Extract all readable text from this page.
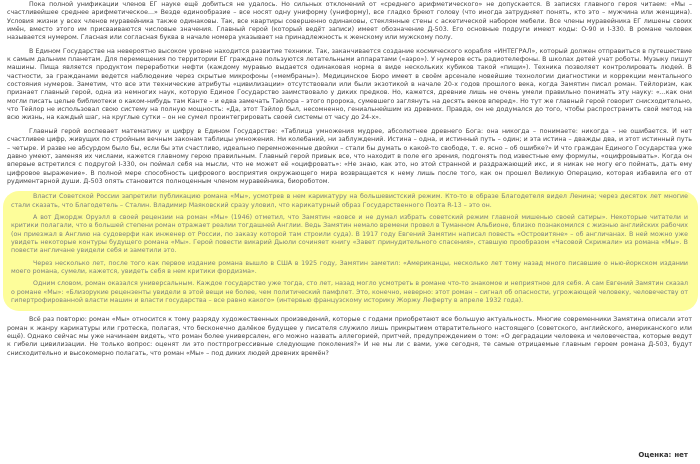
Пока полной унификации членов ЕГ науке ещё добиться не удалось. Но сильных отклонений от «среднего арифметического» не допускается. В записях главного героя читаем: «Мы – счастливейшее среднее арифметическое...» Везде единообразие – все носят одну униформу (униформу), все гладко бреют голову (что иногда затрудняет понять, кто это – мужчина или женщина). Условия жизни у всех членов муравейника также одинаковы. Так, все квартиры совершенно одинаковы, стеклянные стены с аскетической набором мебели. Все члены муравейника ЕГ лишены своих имён, вместо этого им присваиваются числовые значения. Главный герой (который ведёт записи) имеет обозначение Д-503. Его основные подруги имеют коды: О-90 и I-330. В романе человек называется нумером. Гласная или согласная буква в начале номера указывает на принадлежность к женскому или мужскому полу.

В Едином Государстве на невероятно высоком уровне находится развитие техники. Так, заканчивается создание космического корабля «ИНТЕГРАЛ», который должен отправиться в путешествие к самым дальним планетам. Для перемещения по территории ЕГ граждане пользуются летательными аппаратами («аэро»). У нумеров есть радиотелефоны. В школах детей учат роботы. Музыку пишут машины. Пища является продуктом переработки нефти (каждому муравью выдается одинаковая норма в виде нескольких кубиков такой «пищи»). Техника позволяет контролировать людей. В частности, за гражданами ведется наблюдение через скрытые микрофоны («мембраны»). Медицинское Бюро имеет в своём арсенале новейшие технологии диагностики и коррекции ментального состояния нумеров. Заметим, что все эти технические атрибуты «цивилизации» отсутствовали или были экзотикой в начале 20-х годов прошлого века, когда Замятин писал роман. Тейлоризм, как признает главный герой, одна из немногих наук, которую Единое Государство заимствовало у диких предков. Но, кажется, древние лишь не очень умели правильно понимать эту науку: «...как они могли писать целые библиотеки о каком-нибудь там Канте – и едва замечать Тэйлора – этого пророка, сумевшего заглянуть на десять веков вперед». Но тут же главный герой говорит снисходительно, что Тейлор не использовал свою систему на полную мощность: «Да, этот Тэйлор был, несомненно, гениальнейшим из древних. Правда, он не додумался до того, чтобы распространить свой метод на всю жизнь, на каждый шаг, на круглые сутки – он не сумел проинтегрировать своей системы от часу до 24-х».

Главный герой воспевает математику и цифру в Едином Государстве: «Таблица умножения мудрее, абсолютнее древнего Бога: она никогда – понимаете: никогда – не ошибается. И нет счастливее цифр, живущих по стройным вечным законам таблицы умножения. Ни колебаний, ни заблуждений. Истина – одна, и истинный путь – один; и эта истина – дважды два, и этот истинный путь – четыре. И разве не абсурдом было бы, если бы эти счастливо, идеально перемноженные двойки – стали бы думать о какой-то свободе, т. е. ясно – об ошибке?» И что граждан Единого Государства уже давно умеют, заменяя их числами, кажется главному герою правильным. Главный герой привык все, что находит в поле его зрения, подгонять под известные ему формулы, «оцифровывать». Когда он впервые встретился с подругой I-330, он поймал себя на мысли, что не может её «оцифровать»: «Не знаю, как это, но этой странной и раздражающий икс, и я никак не могу его поймать, дать ему цифровое выражение». В полной мере способность цифрового восприятия окружающего мира возвращается к нему лишь после того, как он прошел Великую Операцию, которая избавила его от рудиментарной души. Д-503 опять становится полноценным членом муравейника, биороботом.

Власти Советской России запретили публикацию романа «Мы», усмотрев в нем карикатуру на большевистский режим. Кто-то в образе Благодетеля видел Ленина; через десяток лет многие стали сказать, что Благодетель – Сталин. Владимир Маяковский сразу уловил, что карикатурный образ Государственного Поэта R-13 – это он.

А вот Джордж Оруэлл в своей рецензии на роман «Мы» (1946) отметил, что Замятин «вовсе и не думал избрать советский режим главной мишенью своей сатиры». Некоторые читатели и критики полагали, что в большей степени роман отражает реалии тогдашней Англии. Ведь Замятин немало времени провел в Туманном Альбионе, близко познакомился с жизнью английских рабочих (он приезжал в Англию на судоверфи как инженер от России, по заказу которой там строили суда). В 1917 году Евгений Замятин написал повесть «Островитяне» – об англичанах. В ней можно уже увидеть некоторые контуры будущего романа «Мы». Герой повести викарий Дьюли сочиняет книгу «Завет принудительного спасения», ставшую прообразом «Часовой Скрижали» из романа «Мы». В повести англичане увидели себя и заметили это.

Через несколько лет, после того как первое издание романа вышло в США в 1925 году, Замятин заметил: «Американцы, несколько лет тому назад много писавшие о нью-йоркском издании моего романа, сумели, кажется, увидеть себя в нем критики фордизма».

Одним словом, роман оказался универсальным. Каждое государство уже тогда, сто лет, назад могло усмотреть в романе что-то знакомое и неприятное для себя. А сам Евгений Замятин сказал о романе «Мы»: «Близорукие рецензенты увидели в этой вещи не более, чем политический памфлет. Это, конечно, неверно: этот роман – сигнал об опасности, угрожающей человеку, человечеству от гипертрофированной власти машин и власти государства – все равно какого» (интервью французскому историку Жоржу Леферту в апреле 1932 года).

Всё раз повторю: роман «Мы» относится к тому разряду художественных произведений, которые с годами приобретают все большую актуальность. Многие современники Замятина описали этот роман к жанру карикатуры или гротеска, полагая, что бесконечно далёкое будущее у писателя служило лишь прикрытием отвратительного настоящего (советского, английского, американского или ещё). Однако сейчас мы уже начинаем видеть, что роман более универсален, его можно назвать аллегорией, притчей, предупреждением о том: «О деградации человека и человечества, которые ведут к гибели цивилизации. Не только вопрос: оценят ли это постпрогрессивные следующие поколения?» И не мы ли с вами, уже сегодня, те самые отрицаемые главным героем романа Д-503, будут снисходительно и высокомерно полагать, что роман «Мы» – под диких людей древних времён?

Оценка: нет
